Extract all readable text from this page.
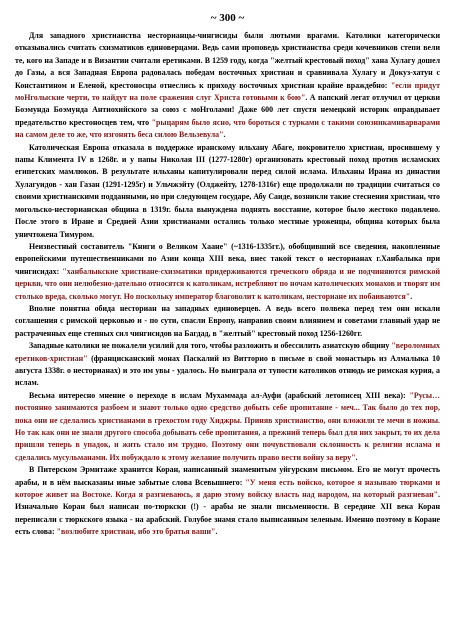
~ 300 ~

Для западного христианства несторианцы-чингисиды были лютыми врагами. Католики категорически отказывались считать схизматиков единоверцами. Ведь сами проповедь христианства среди кочевников степи вели те, кого на Западе и в Византии считали еретиками. В 1259 году, когда "желтый крестовый поход" хана Хулагу дошел до Газы, а вся Западная Европа радовалась победам восточных христиан и сравнивала Хулагу и Докуз-хатун с Константином и Еленой, крестоносцы отнеслись к приходу восточных христиан крайне враждебно: "если придут моНголыские черти, то найдут на поле сражения слуг Христа готовыми к бою". А папский легат отлучил от церкви Боэмунда Боэмунда Антиохийского за союз с моНголами! Даже 600 лет спустя немецкий историк оправдывает предательство крестоносцев тем, что "рыцарям было ясно, что бороться с турками с такими союзникамиварварами на самом деле то же, что изгонять беса силою Вельзевула".

Католическая Европа отказала в поддержке иранскому ильхану Абаге, покровителю христиан, просившему у папы Климента IV в 1268г. и у папы Николая III (1277-1280г) организовать крестовый поход против исламских египетских мамлюков. В результате ильханы капитулировали перед силой ислама. Ильханы Ирана из династии Хулагуидов - хан Газан (1291-1295г) и Ульчжэйту (Олджейту, 1278-1316г) еще продолжали по традиции считаться со своими христианскими подданными, но при следующем государе, Абу Саиде, возникли такие стеснения христиан, что могольско-несторианская община в 1319г. была вынуждена поднять восстание, которое было жестоко подавлено. После этого в Иране и Средней Азии христианами остались только местные уроженцы, община которых была уничтожена Тимуром.

Неизвестный составитель "Книги о Великом Хаане" (~1316-1335гг.), обобщивший все сведения, накопленные европейскими путешественниками по Азии конца XIII века, внес такой текст о несторианах г.Ханбалыка при чингисидах: "ханбалыкские христиане-схизматики придерживаются греческого обряда и не подчиняются римской церкви, что они нелюбезно-дательно относятся к католикам, истребляют по ночам католических монахов и творят им столько вреда, сколько могут. Но поскольку император благоволит к католикам, несториане их побаиваются".

Вполне понятна обида несториан на западных единоверцев. А ведь всего полвека перед тем они искали соглашения с римской церковью и - по сути, спасли Европу, направив своим влиянием и советами главный удар не растраченных еще степных сил чингисидов на Багдад, в "желтый" крестовый поход 1256-1260гг.

Западные католики не пожалели усилий для того, чтобы разложить и обессилить азиатскую общину "вероломных еретиков-христиан" (францисканский монах Паскалий из Витторио в письме в свой монастырь из Алмалыка 10 августа 1338г. о несторианах) и это им увы - удалось. Но выиграла от тупости католиков отнюдь не римская курия, а ислам.

Весьма интересно мнение о переходе в ислам Мухаммада ал-Ауфи (арабский летописец XIII века): "Русы… постоянно занимаются разбоем и знают только одно средство добыть себе пропитание - меч... Так было до тех пор, пока они не сделались христианами в грехостом году Хиджры. Приняв христианство, они вложили те мечи в ножны. Но так как они не знали другого способа добывать себе пропитания, а прежний теперь был для них закрыт, то их дела пришли теперь в упадок, и жить стало им трудно. Поэтому они почувствовали склонность к религии ислама и сделались мусульманами. Их побуждало к этому желание получить право вести войну за веру".

В Питерском Эрмитаже хранится Коран, написанный знаменитым уйгурским письмом. Его не могут прочесть арабы, и в нём высказаны иные забытые слова Всевышнего: "У меня есть войско, которое я называю тюрками и которое живет на Востоке. Когда я разгневаюсь, я дарю этому войску власть над народом, на который разгневан". Изначально Коран был написан по-тюркски (!) - арабы не знали письменности. В середине XII века Коран переписали с тюркского языка - на арабский. Голубое знамя стало выписанным зеленым. Именно поэтому в Коране есть слова: "возлюбите христиан, ибо это братья ваши".
